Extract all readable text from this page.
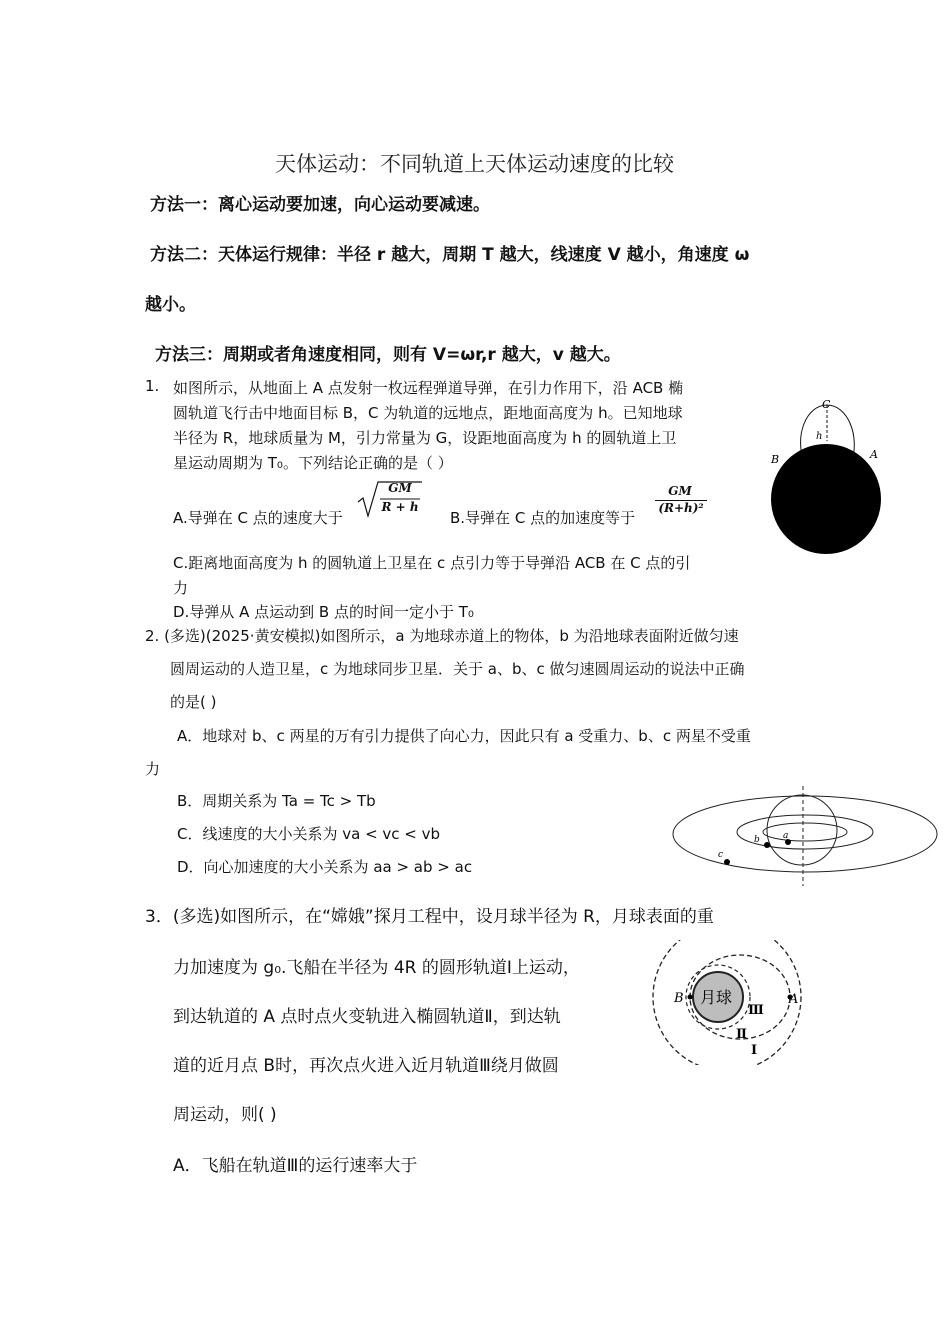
天体运动：不同轨道上天体运动速度的比较
方法一：离心运动要加速，向心运动要减速。
方法二：天体运行规律：半径 r 越大，周期 T 越大，线速度 V 越小，角速度 ω
越小。
方法三：周期或者角速度相同，则有 V=ωr,r 越大，v 越大。
1. 如图所示，从地面上 A 点发射一枚远程弹道导弹，在引力作用下，沿 ACB 椭
圆轨道飞行击中地面目标 B，C 为轨道的远地点，距地面高度为 h。已知地球
半径为 R，地球质量为 M，引力常量为 G，设距地面高度为 h 的圆轨道上卫
星运动周期为 T₀。下列结论正确的是（ ）
A.导弹在 C 点的速度大于
GM
R + h
B.导弹在 C 点的加速度等于
GM
(R+h)²
C.距离地面高度为 h 的圆轨道上卫星在 c 点引力等于导弹沿 ACB 在 C 点的引
力
D.导弹从 A 点运动到 B 点的时间一定小于 T₀
C
h
B	A
2. (多选)(2025·黄安模拟)如图所示，a 为地球赤道上的物体，b 为沿地球表面附近做匀速
圆周运动的人造卫星，c 为地球同步卫星．关于 a、b、c 做匀速圆周运动的说法中正确
的是( )
A．地球对 b、c 两星的万有引力提供了向心力，因此只有 a 受重力、b、c 两星不受重
力
B．周期关系为 Ta = Tc > Tb
C．线速度的大小关系为 va < vc < vb
D．向心加速度的大小关系为 aa > ab > ac
a
b
c
3．(多选)如图所示，在“嫦娥”探月工程中，设月球半径为 R，月球表面的重
力加速度为 g₀.飞船在半径为 4R 的圆形轨道Ⅰ上运动，
到达轨道的 A 点时点火变轨进入椭圆轨道Ⅱ，到达轨
道的近月点 B时，再次点火进入近月轨道Ⅲ绕月做圆
周运动，则( )
A．飞船在轨道Ⅲ的运行速率大于
月球
B	A
Ⅲ
Ⅱ
Ⅰ
